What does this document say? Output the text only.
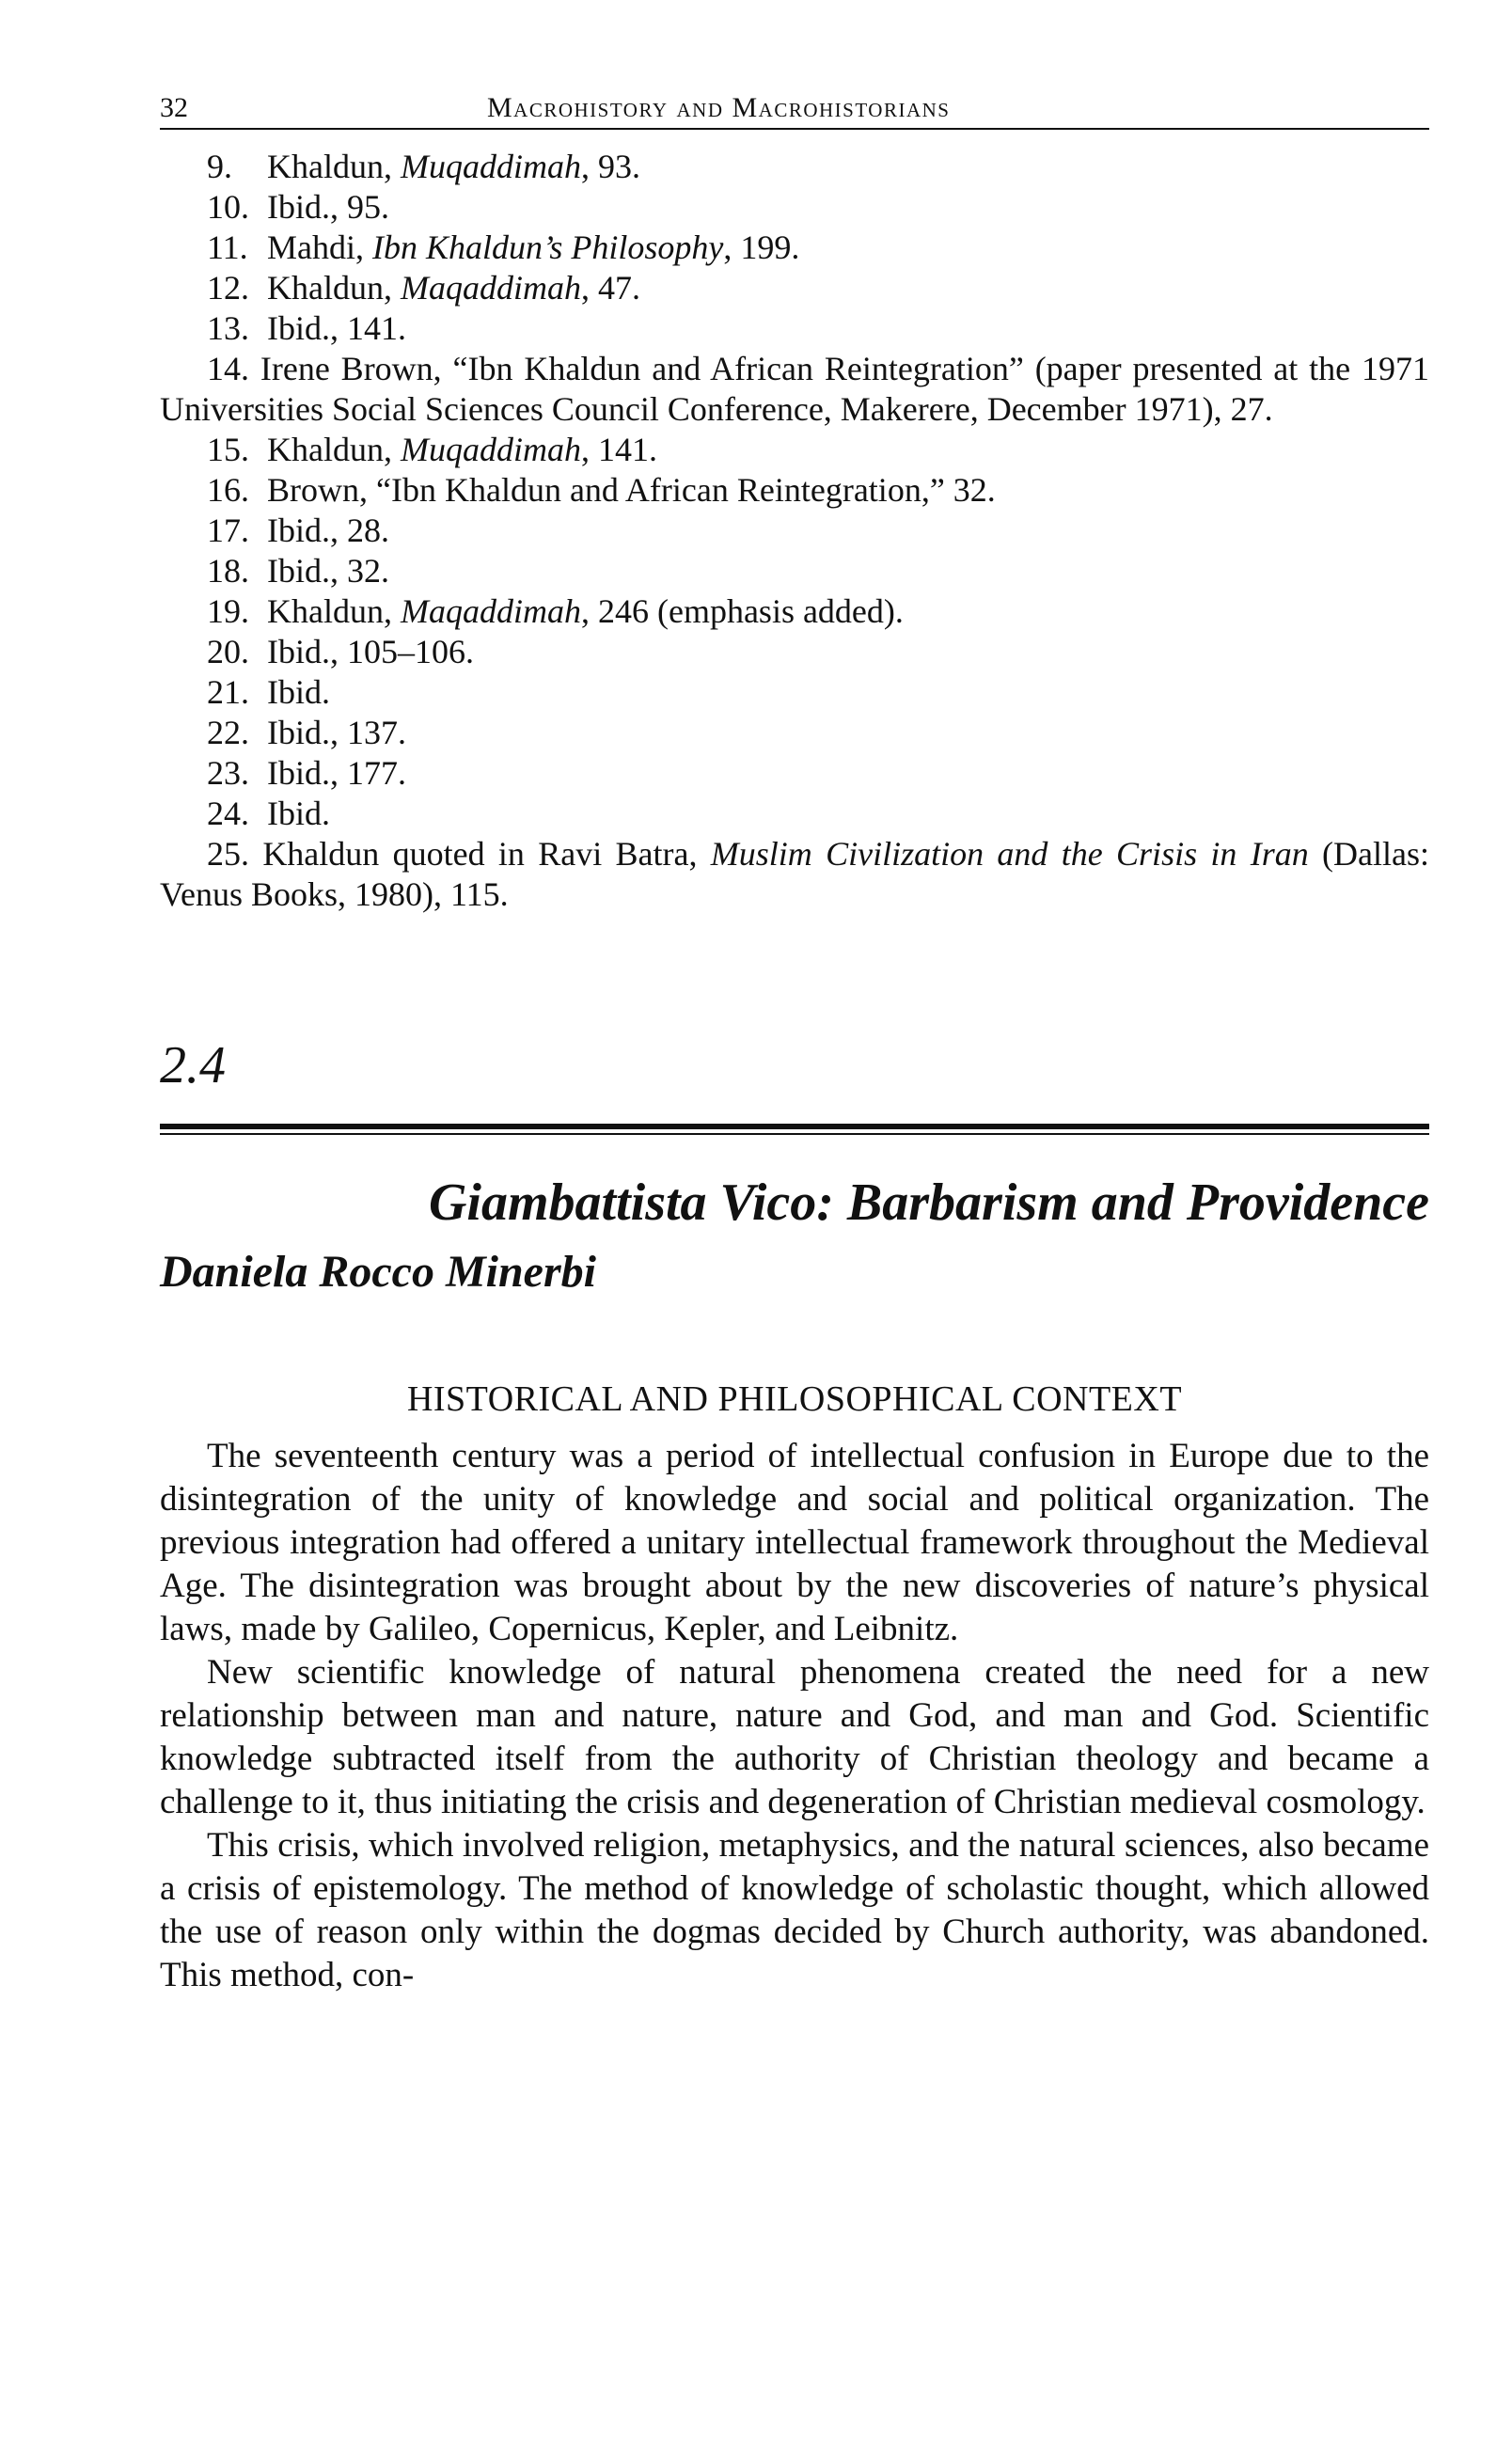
32	Macrohistory and Macrohistorians
9.	Khaldun, Muqaddimah, 93.
10. Ibid., 95.
11. Mahdi, Ibn Khaldun’s Philosophy, 199.
12. Khaldun, Maqaddimah, 47.
13. Ibid., 141.
14. Irene Brown, “Ibn Khaldun and African Reintegration” (paper presented at the 1971 Universities Social Sciences Council Conference, Makerere, December 1971), 27.
15. Khaldun, Muqaddimah, 141.
16. Brown, “Ibn Khaldun and African Reintegration,” 32.
17. Ibid., 28.
18. Ibid., 32.
19. Khaldun, Maqaddimah, 246 (emphasis added).
20. Ibid., 105–106.
21. Ibid.
22. Ibid., 137.
23. Ibid., 177.
24. Ibid.
25. Khaldun quoted in Ravi Batra, Muslim Civilization and the Crisis in Iran (Dallas: Venus Books, 1980), 115.
2.4
Giambattista Vico: Barbarism and Providence
Daniela Rocco Minerbi
HISTORICAL AND PHILOSOPHICAL CONTEXT

The seventeenth century was a period of intellectual confusion in Europe due to the disintegration of the unity of knowledge and social and political organization. The previous integration had offered a unitary intellectual framework throughout the Medieval Age. The disintegration was brought about by the new discoveries of nature’s physical laws, made by Galileo, Copernicus, Kepler, and Leibnitz.

New scientific knowledge of natural phenomena created the need for a new relationship between man and nature, nature and God, and man and God. Scientific knowledge subtracted itself from the authority of Christian theology and became a challenge to it, thus initiating the crisis and degeneration of Christian medieval cosmology.

This crisis, which involved religion, metaphysics, and the natural sciences, also became a crisis of epistemology. The method of knowledge of scholastic thought, which allowed the use of reason only within the dogmas decided by Church authority, was abandoned. This method, con-
